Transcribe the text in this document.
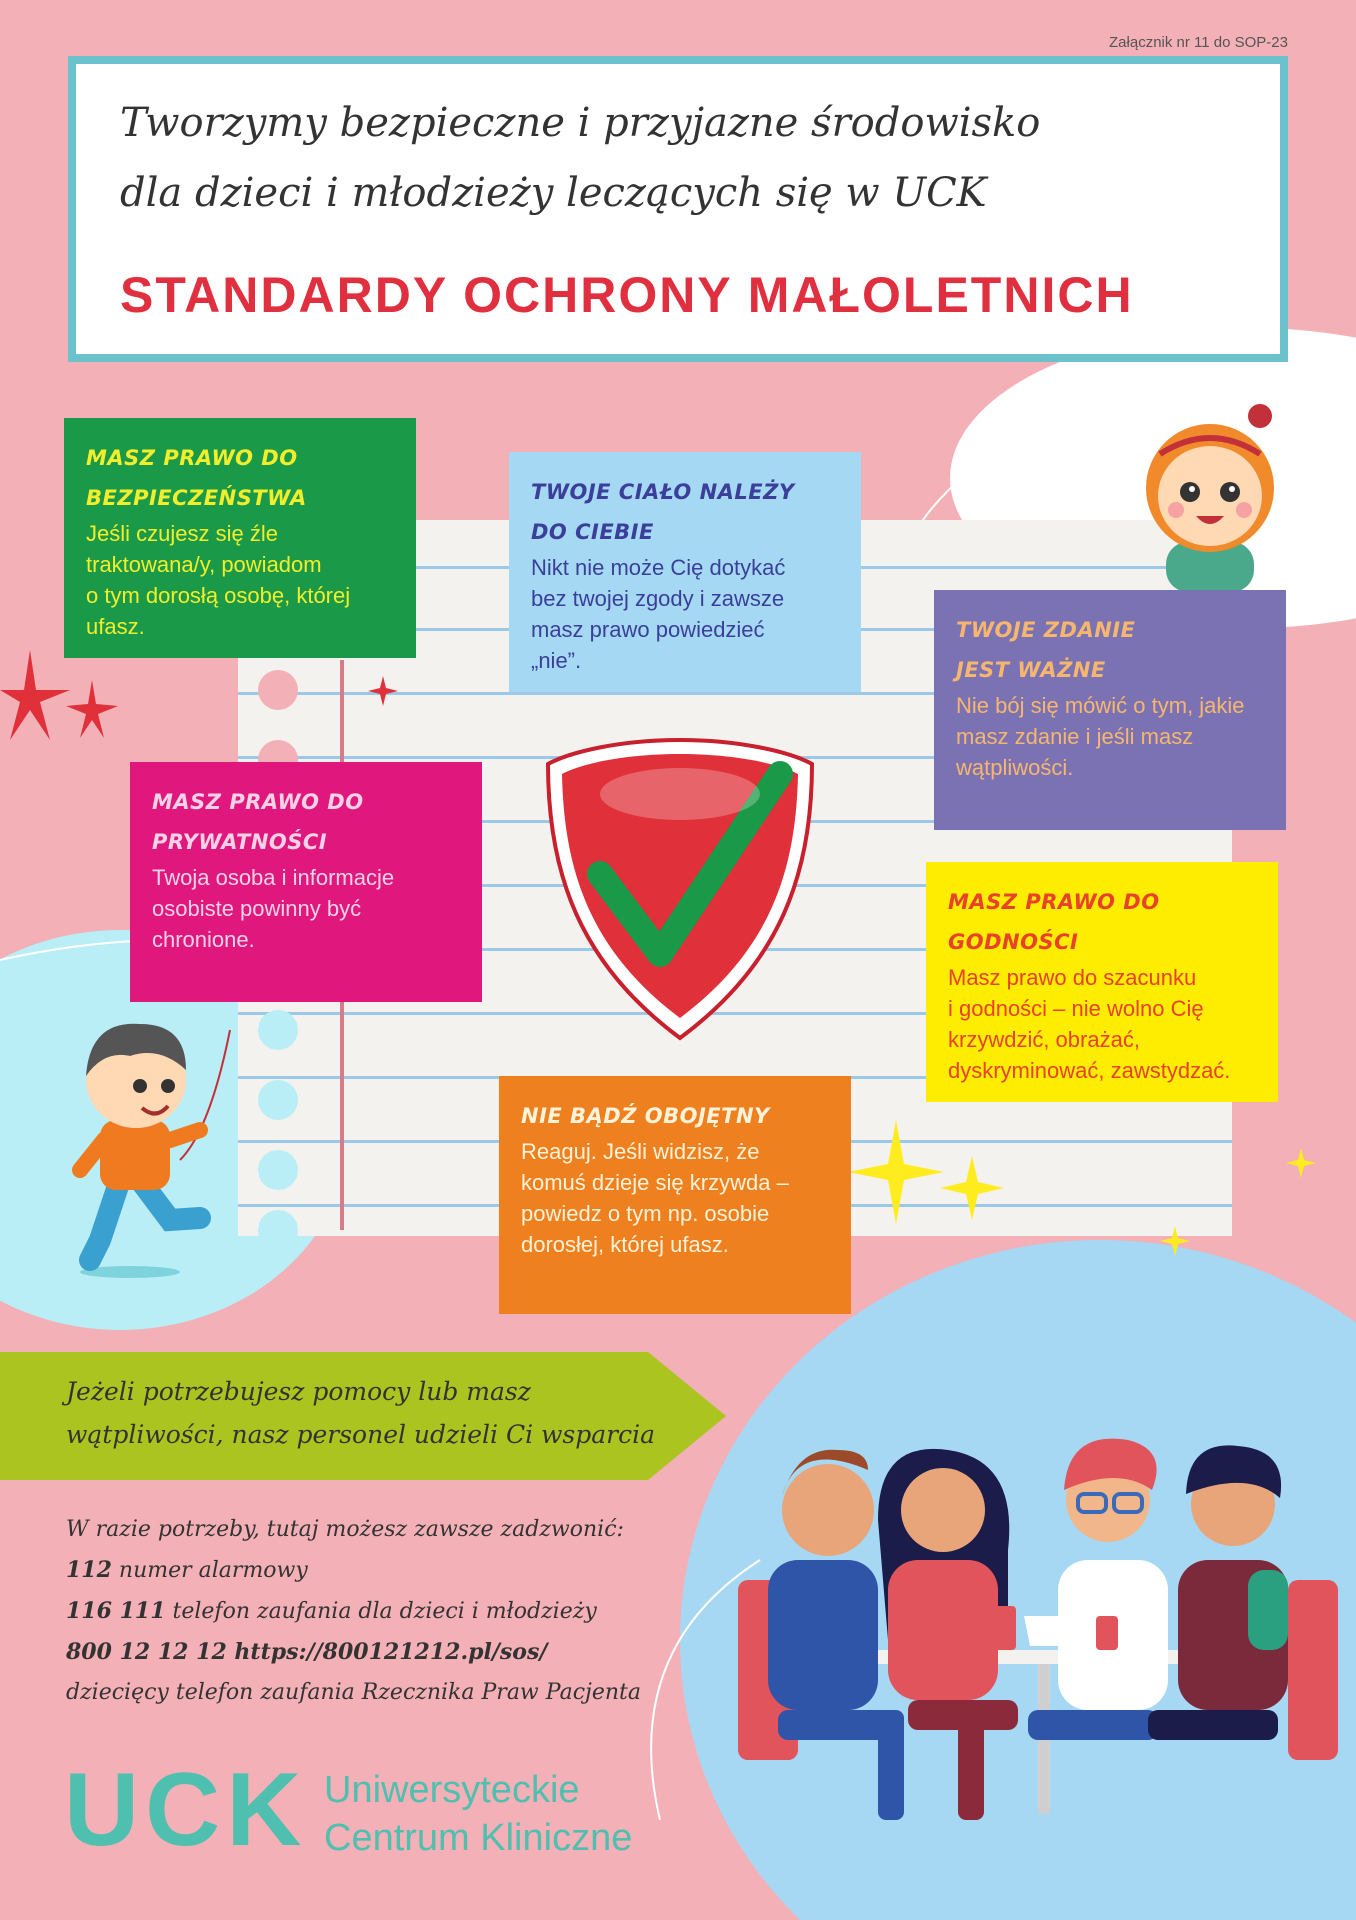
Załącznik nr 11 do SOP-23
Tworzymy bezpieczne i przyjazne środowisko
dla dzieci i młodzieży leczących się w UCK
STANDARDY OCHRONY MAŁOLETNICH
MASZ PRAWO DO
BEZPIECZEŃSTWA
Jeśli czujesz się źle
traktowana/y, powiadom
o tym dorosłą osobę, której
ufasz.
TWOJE CIAŁO NALEŻY
DO CIEBIE
Nikt nie może Cię dotykać
bez twojej zgody i zawsze
masz prawo powiedzieć
„nie”.
TWOJE ZDANIE
JEST WAŻNE
Nie bój się mówić o tym, jakie
masz zdanie i jeśli masz
wątpliwości.
MASZ PRAWO DO
PRYWATNOŚCI
Twoja osoba i informacje
osobiste powinny być
chronione.
MASZ PRAWO DO
GODNOŚCI
Masz prawo do szacunku
i godności – nie wolno Cię
krzywdzić, obrażać,
dyskryminować, zawstydzać.
NIE BĄDŹ OBOJĘTNY
Reaguj. Jeśli widzisz, że
komuś dzieje się krzywda –
powiedz o tym np. osobie
dorosłej, której ufasz.
Jeżeli potrzebujesz pomocy lub masz
wątpliwości, nasz personel udzieli Ci wsparcia
W razie potrzeby, tutaj możesz zawsze zadzwonić:
112 numer alarmowy
116 111 telefon zaufania dla dzieci i młodzieży
800 12 12 12 https://800121212.pl/sos/
dziecięcy telefon zaufania Rzecznika Praw Pacjenta
UCK Uniwersyteckie
Centrum Kliniczne
